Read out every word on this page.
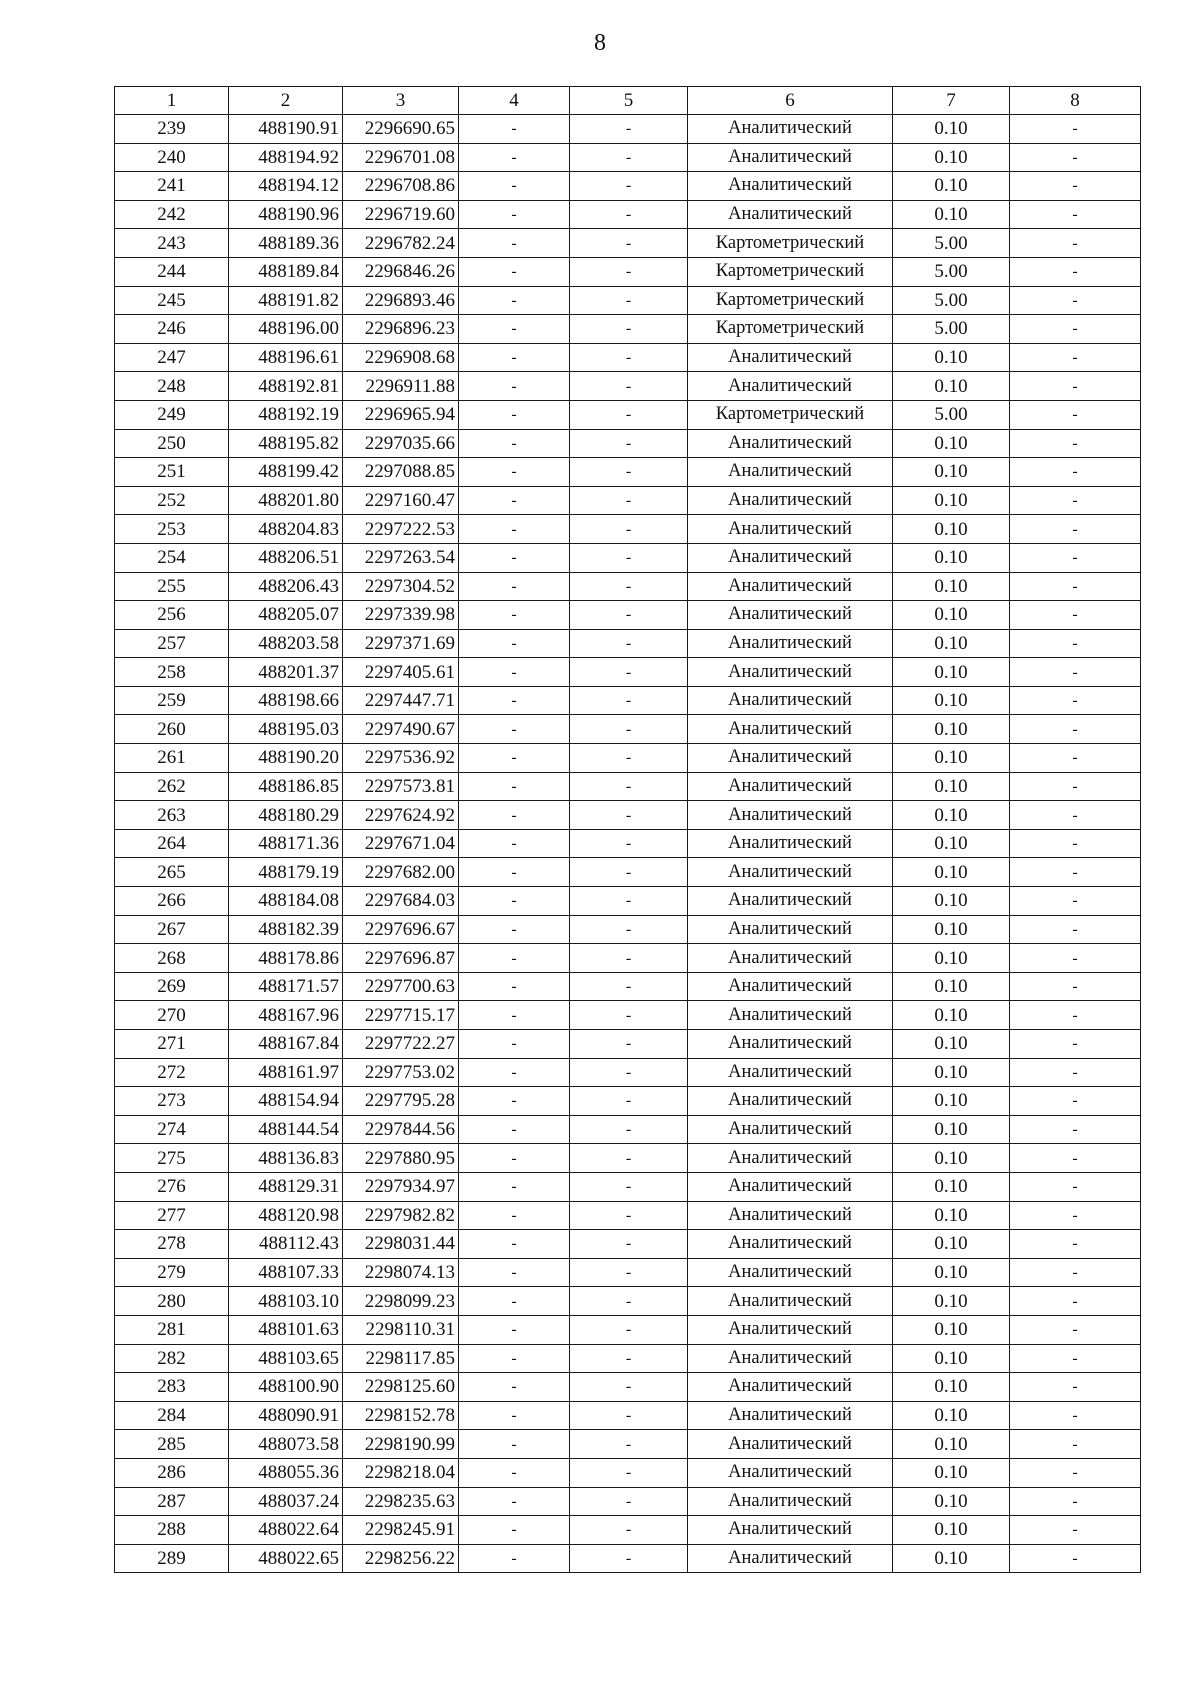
8
1	2	3	4	5	6	7	8
239	488190.91	2296690.65	-	-	Аналитический	0.10	-
240	488194.92	2296701.08	-	-	Аналитический	0.10	-
241	488194.12	2296708.86	-	-	Аналитический	0.10	-
242	488190.96	2296719.60	-	-	Аналитический	0.10	-
243	488189.36	2296782.24	-	-	Картометрический	5.00	-
244	488189.84	2296846.26	-	-	Картометрический	5.00	-
245	488191.82	2296893.46	-	-	Картометрический	5.00	-
246	488196.00	2296896.23	-	-	Картометрический	5.00	-
247	488196.61	2296908.68	-	-	Аналитический	0.10	-
248	488192.81	2296911.88	-	-	Аналитический	0.10	-
249	488192.19	2296965.94	-	-	Картометрический	5.00	-
250	488195.82	2297035.66	-	-	Аналитический	0.10	-
251	488199.42	2297088.85	-	-	Аналитический	0.10	-
252	488201.80	2297160.47	-	-	Аналитический	0.10	-
253	488204.83	2297222.53	-	-	Аналитический	0.10	-
254	488206.51	2297263.54	-	-	Аналитический	0.10	-
255	488206.43	2297304.52	-	-	Аналитический	0.10	-
256	488205.07	2297339.98	-	-	Аналитический	0.10	-
257	488203.58	2297371.69	-	-	Аналитический	0.10	-
258	488201.37	2297405.61	-	-	Аналитический	0.10	-
259	488198.66	2297447.71	-	-	Аналитический	0.10	-
260	488195.03	2297490.67	-	-	Аналитический	0.10	-
261	488190.20	2297536.92	-	-	Аналитический	0.10	-
262	488186.85	2297573.81	-	-	Аналитический	0.10	-
263	488180.29	2297624.92	-	-	Аналитический	0.10	-
264	488171.36	2297671.04	-	-	Аналитический	0.10	-
265	488179.19	2297682.00	-	-	Аналитический	0.10	-
266	488184.08	2297684.03	-	-	Аналитический	0.10	-
267	488182.39	2297696.67	-	-	Аналитический	0.10	-
268	488178.86	2297696.87	-	-	Аналитический	0.10	-
269	488171.57	2297700.63	-	-	Аналитический	0.10	-
270	488167.96	2297715.17	-	-	Аналитический	0.10	-
271	488167.84	2297722.27	-	-	Аналитический	0.10	-
272	488161.97	2297753.02	-	-	Аналитический	0.10	-
273	488154.94	2297795.28	-	-	Аналитический	0.10	-
274	488144.54	2297844.56	-	-	Аналитический	0.10	-
275	488136.83	2297880.95	-	-	Аналитический	0.10	-
276	488129.31	2297934.97	-	-	Аналитический	0.10	-
277	488120.98	2297982.82	-	-	Аналитический	0.10	-
278	488112.43	2298031.44	-	-	Аналитический	0.10	-
279	488107.33	2298074.13	-	-	Аналитический	0.10	-
280	488103.10	2298099.23	-	-	Аналитический	0.10	-
281	488101.63	2298110.31	-	-	Аналитический	0.10	-
282	488103.65	2298117.85	-	-	Аналитический	0.10	-
283	488100.90	2298125.60	-	-	Аналитический	0.10	-
284	488090.91	2298152.78	-	-	Аналитический	0.10	-
285	488073.58	2298190.99	-	-	Аналитический	0.10	-
286	488055.36	2298218.04	-	-	Аналитический	0.10	-
287	488037.24	2298235.63	-	-	Аналитический	0.10	-
288	488022.64	2298245.91	-	-	Аналитический	0.10	-
289	488022.65	2298256.22	-	-	Аналитический	0.10	-
